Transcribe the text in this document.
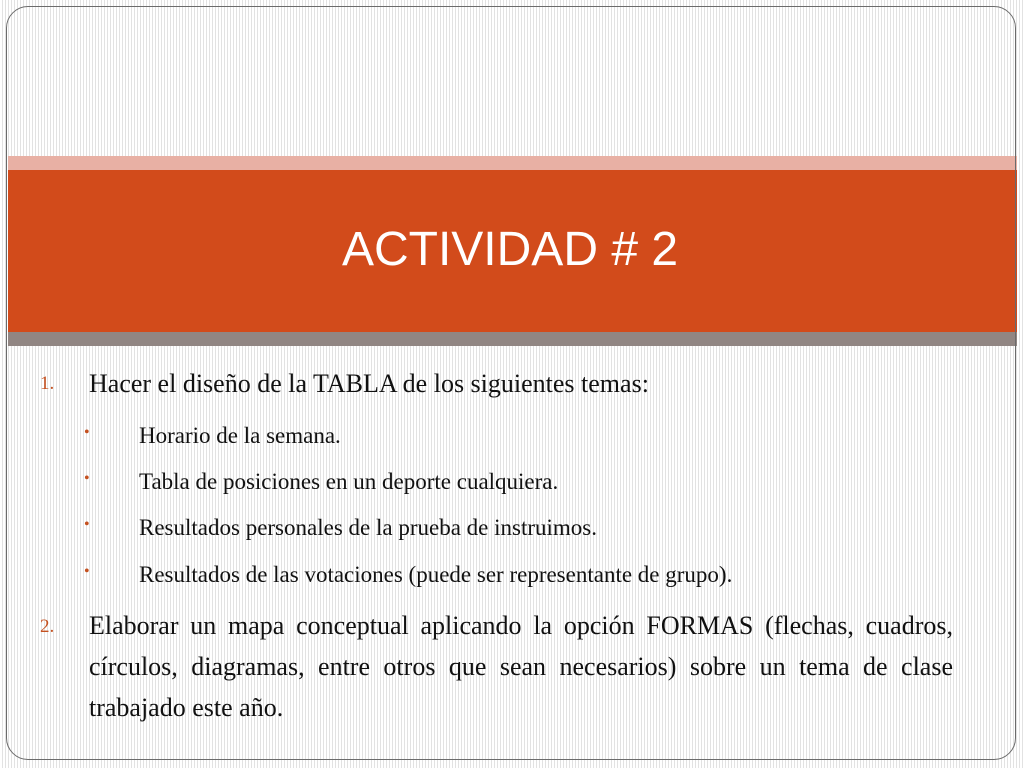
ACTIVIDAD # 2
1. Hacer el diseño de la TABLA de los siguientes temas:
• Horario de la semana.
• Tabla de posiciones en un deporte cualquiera.
• Resultados personales de la prueba de instruimos.
• Resultados de las votaciones (puede ser representante de grupo).
2. Elaborar un mapa conceptual aplicando la opción FORMAS (flechas, cuadros, círculos, diagramas, entre otros que sean necesarios) sobre un tema de clase trabajado este año.
